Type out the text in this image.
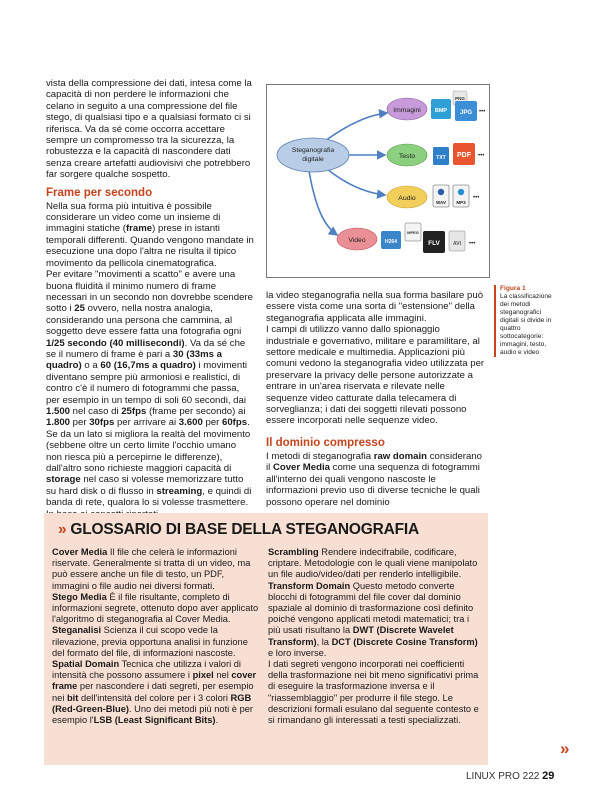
vista della compressione dei dati, intesa come la capacità di non perdere le informazioni che celano in seguito a una compressione del file stego, di qualsiasi tipo e a qualsiasi formato ci si riferisca. Va da sé come occorra accettare sempre un compromesso tra la sicurezza, la robustezza e la capacità di nascondere dati senza creare artefatti audiovisivi che potrebbero far sorgere qualche sospetto.

Frame per secondo

Nella sua forma più intuitiva è possibile considerare un video come un insieme di immagini statiche (frame) prese in istanti temporali differenti. Quando vengono mandate in esecuzione una dopo l'altra ne risulta il tipico movimento da pellicola cinematografica.

Per evitare "movimenti a scatto" e avere una buona fluidità il minimo numero di frame necessari in un secondo non dovrebbe scendere sotto i 25 ovvero, nella nostra analogia, considerando una persona che cammina, al soggetto deve essere fatta una fotografia ogni 1/25 secondo (40 millisecondi). Va da sé che se il numero di frame è pari a 30 (33ms a quadro) o a 60 (16,7ms a quadro) i movimenti diventano sempre più armoniosi e realistici, di contro c'è il numero di fotogrammi che passa, per esempio in un tempo di soli 60 secondi, dai 1.500 nel caso di 25fps (frame per secondo) ai 1.800 per 30fps per arrivare ai 3.600 per 60fps. Se da un lato si migliora la realtà del movimento (sebbene oltre un certo limite l'occhio umano non riesca più a percepirne le differenze), dall'altro sono richieste maggiori capacità di storage nel caso si volesse memorizzare tutto su hard disk o di flusso in streaming, e quindi di banda di rete, qualora lo si volesse trasmettere.

Steganografia
digitale
Immagini
Testo
Audio
Video
BMP
PNG
JPG •••
TXT PDF •••
WAV MP3
•••
H264
MPEG
FLV	AVI •••
Figura 1
La classificazione dei metodi steganografici digitali si divide in quattro sottocategorie: immagini, testo, audio e video

la video steganografia nella sua forma basilare può essere vista come una sorta di "estensione" della steganografia applicata alle immagini.

I campi di utilizzo vanno dallo spionaggio industriale e governativo, militare e paramilitare, al settore medicale e multimedia. Applicazioni più comuni vedono la steganografia video utilizzata per preservare la privacy delle persone autorizzate a entrare in un'area riservata e rilevate nelle sequenze video catturate dalla telecamera di sorveglianza; i dati dei soggetti rilevati possono essere incorporati nelle sequenze video.

Il dominio compresso

I metodi di steganografia raw domain considerano il Cover Media come una sequenza di fotogrammi all'interno dei quali vengono nascoste le informazioni previo uso di diverse tecniche le quali possono operare nel dominio

» GLOSSARIO DI BASE DELLA STEGANOGRAFIA

Cover Media Il file che celerà le informazioni riservate. Generalmente si tratta di un video, ma può essere anche un file di testo, un PDF, immagini o file audio nei diversi formati.

Stego Media È il file risultante, completo di informazioni segrete, ottenuto dopo aver applicato l'algoritmo di steganografia al Cover Media.

Steganalisi Scienza il cui scopo vede la rilevazione, previa opportuna analisi in funzione del formato del file, di informazioni nascoste.

Spatial Domain Tecnica che utilizza i valori di intensità che possono assumere i pixel nel cover frame per nascondere i dati segreti, per esempio nei bit dell'intensità del colore per i 3 colori RGB (Red-Green-Blue). Uno dei metodi più noti è per esempio l'LSB (Least Significant Bits).

Scrambling Rendere indecifrabile, codificare, criptare. Metodologie con le quali viene manipolato un file audio/video/dati per renderlo intelligibile.

Transform Domain Questo metodo converte blocchi di fotogrammi del file cover dal dominio spaziale al dominio di trasformazione così definito poiché vengono applicati metodi matematici; tra i più usati risultano la DWT (Discrete Wavelet Transform), la DCT (Discrete Cosine Transform) e loro inverse.

I dati segreti vengono incorporati nei coefficienti della trasformazione nei bit meno significativi prima di eseguire la trasformazione inversa e il "riassemblaggio" per produrre il file stego. Le descrizioni formali esulano dal seguente contesto e si rimandano gli interessati a testi specializzati.

»
LINUX PRO 222 29
